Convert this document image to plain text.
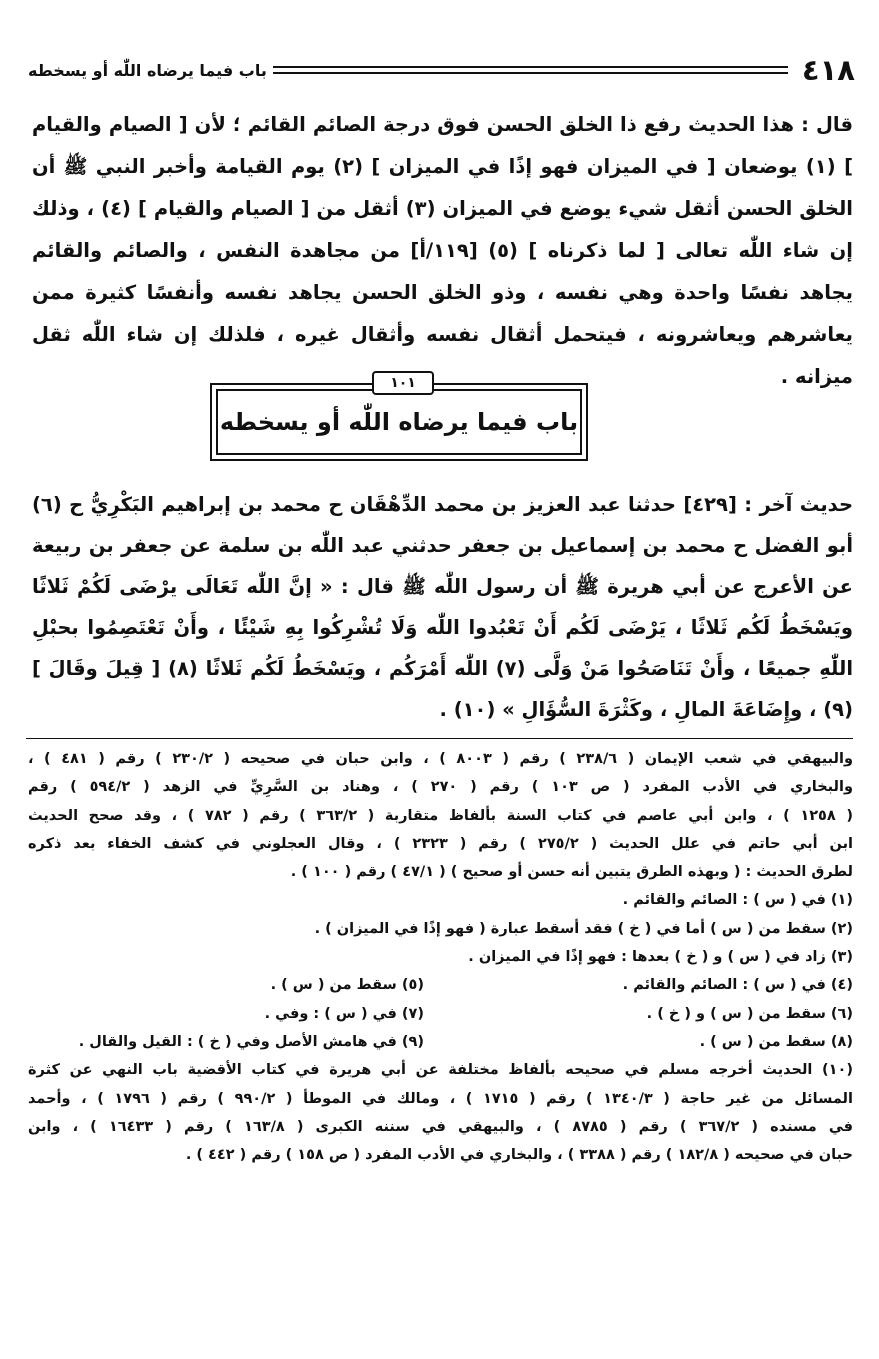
٤١٨
باب فيما يرضاه اللّٰه أو يسخطه
قال : هذا الحديث رفع ذا الخلق الحسن فوق درجة الصائم القائم ؛ لأن [ الصيام والقيام ] (١) يوضعان [ في الميزان فهو إذًا في الميزان ] (٢) يوم القيامة وأخبر النبي ﷺ أن الخلق الحسن أثقل شيء يوضع في الميزان (٣) أثقل من [ الصيام والقيام ] (٤) ، وذلك إن شاء اللّٰه تعالى [ لما ذكرناه ] (٥) [١١٩/أ] من مجاهدة النفس ، والصائم والقائم يجاهد نفسًا واحدة وهي نفسه ، وذو الخلق الحسن يجاهد نفسه وأنفسًا كثيرة ممن يعاشرهم ويعاشرونه ، فيتحمل أثقال نفسه وأثقال غيره ، فلذلك إن شاء اللّٰه ثقل ميزانه .
١٠١
باب فيما يرضاه اللّٰه أو يسخطه
حديث آخر : [٤٢٩] حدثنا عبد العزيز بن محمد الدِّهْقَان ح محمد بن إبراهيم البَكْرِيُّ ح (٦) أبو الفضل ح محمد بن إسماعيل بن جعفر حدثني عبد اللّٰه بن سلمة عن جعفر بن ربيعة عن الأعرج عن أبي هريرة ﷺ أن رسول اللّٰه ﷺ قال : « إنَّ اللّٰه تَعَالَى يرْضَى لَكُمْ ثَلاثًا ويَسْخَطُ لَكُم ثَلاثًا ، يَرْضَى لَكُم أَنْ تَعْبُدوا اللّٰه وَلَا تُشْرِكُوا بِهِ شَيْئًا ، وأَنْ تَعْتَصِمُوا بحبْلِ اللّٰهِ جميعًا ، وأَنْ تَنَاصَحُوا مَنْ وَلَّى (٧) اللّٰه أَمْرَكُم ، ويَسْخَطُ لَكُم ثَلاثًا (٨) [ قِيلَ وقَالَ ] (٩) ، وإِضَاعَةَ المالِ ، وكَثْرَةَ السُّؤَالِ » (١٠) .
والبيهقي في شعب الإيمان ( ٢٣٨/٦ ) رقم ( ٨٠٠٣ ) ، وابن حبان في صحيحه ( ٢٣٠/٢ ) رقم ( ٤٨١ ) ،
والبخاري في الأدب المفرد ( ص ١٠٣ ) رقم ( ٢٧٠ ) ، وهناد بن السَّرِيِّ في الزهد ( ٥٩٤/٢ ) رقم
( ١٢٥٨ ) ، وابن أبي عاصم في كتاب السنة بألفاظ متقاربة ( ٣٦٣/٢ ) رقم ( ٧٨٢ ) ، وقد صحح الحديث
ابن أبي حاتم في علل الحديث ( ٢٧٥/٢ ) رقم ( ٢٣٢٣ ) ، وقال العجلوني في كشف الخفاء بعد ذكره
لطرق الحديث : ( وبهذه الطرق يتبين أنه حسن أو صحيح ) ( ٤٧/١ ) رقم ( ١٠٠ ) .
(١) في ( س ) : الصائم والقائم .
(٢) سقط من ( س ) أما في ( خ ) فقد أسقط عبارة ( فهو إذًا في الميزان ) .
(٣) زاد في ( س ) و ( خ ) بعدها : فهو إذًا في الميزان .
(٤) في ( س ) : الصائم والقائم .
(٥) سقط من ( س ) .
(٦) سقط من ( س ) و ( خ ) .
(٧) في ( س ) : وفي .
(٨) سقط من ( س ) .
(٩) في هامش الأصل وفي ( خ ) : القيل والقال .
(١٠) الحديث أخرجه مسلم في صحيحه بألفاظ مختلفة عن أبي هريرة في كتاب الأقضية باب النهي عن كثرة
المسائل من غير حاجة ( ١٣٤٠/٣ ) رقم ( ١٧١٥ ) ، ومالك في الموطأ ( ٩٩٠/٢ ) رقم ( ١٧٩٦ ) ، وأحمد
في مسنده ( ٣٦٧/٢ ) رقم ( ٨٧٨٥ ) ، والبيهقي في سننه الكبرى ( ١٦٣/٨ ) رقم ( ١٦٤٣٣ ) ، وابن
حبان في صحيحه ( ١٨٢/٨ ) رقم ( ٣٣٨٨ ) ، والبخاري في الأدب المفرد ( ص ١٥٨ ) رقم ( ٤٤٢ ) .
